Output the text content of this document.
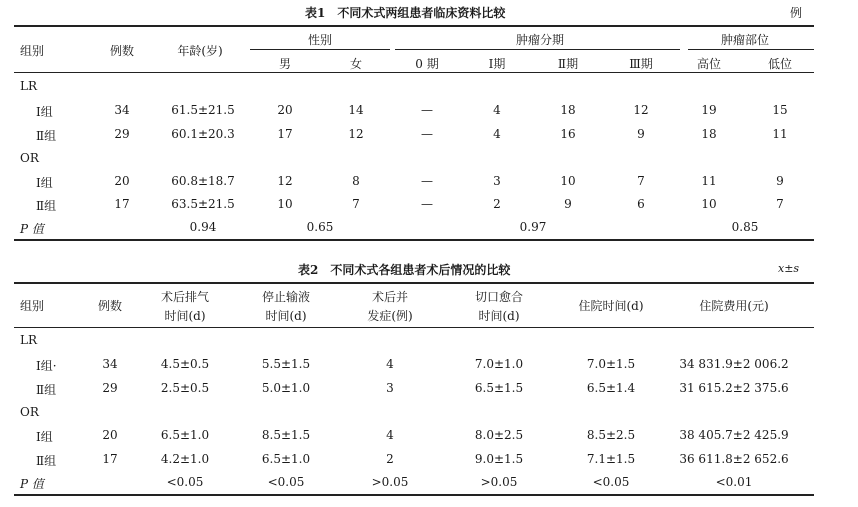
表1　不同术式两组患者临床资料比较	例
组别	例数	年龄(岁)
性别	肿瘤分期	肿瘤部位
男	女	0 期	Ⅰ期	Ⅱ期	Ⅲ期	高位	低位
LR
Ⅰ组	34	61.5±21.5	20	14	—	4	18	12	19	15
Ⅱ组	29	60.1±20.3	17	12	—	4	16	9	18	11
OR
Ⅰ组	20	60.8±18.7	12	8	—	3	10	7	11	9
Ⅱ组	17	63.5±21.5	10	7	—	2	9	6	10	7
P 值	0.94	0.65	0.97	0.85
表2　不同术式各组患者术后情况的比较	x±s
组别	例数
术后排气
时间(d)
停止输液
时间(d)
术后并
发症(例)
切口愈合
时间(d)
住院时间(d)	住院费用(元)
LR
Ⅰ组·	34	4.5±0.5	5.5±1.5	4	7.0±1.0	7.0±1.5	34 831.9±2 006.2
Ⅱ组	29	2.5±0.5	5.0±1.0	3	6.5±1.5	6.5±1.4	31 615.2±2 375.6
OR
Ⅰ组	20	6.5±1.0	8.5±1.5	4	8.0±2.5	8.5±2.5	38 405.7±2 425.9
Ⅱ组	17	4.2±1.0	6.5±1.0	2	9.0±1.5	7.1±1.5	36 611.8±2 652.6
P 值	<0.05	<0.05	>0.05	>0.05	<0.05	<0.01
